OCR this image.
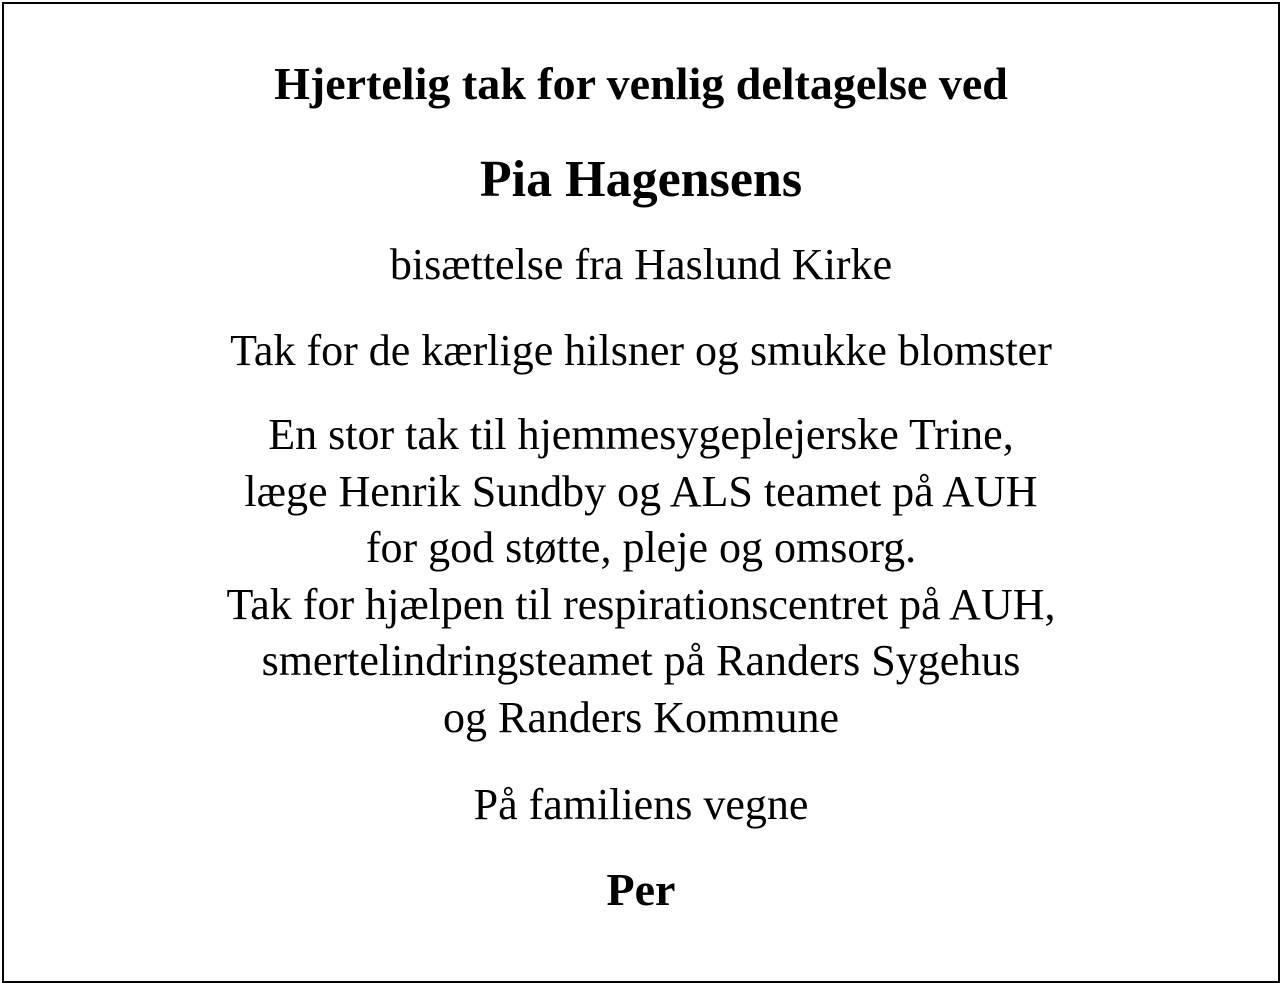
Hjertelig tak for venlig deltagelse ved
Pia Hagensens
bisættelse fra Haslund Kirke
Tak for de kærlige hilsner og smukke blomster
En stor tak til hjemmesygeplejerske Trine,
læge Henrik Sundby og ALS teamet på AUH
for god støtte, pleje og omsorg.
Tak for hjælpen til respirationscentret på AUH,
smertelindringsteamet på Randers Sygehus
og Randers Kommune
På familiens vegne
Per
